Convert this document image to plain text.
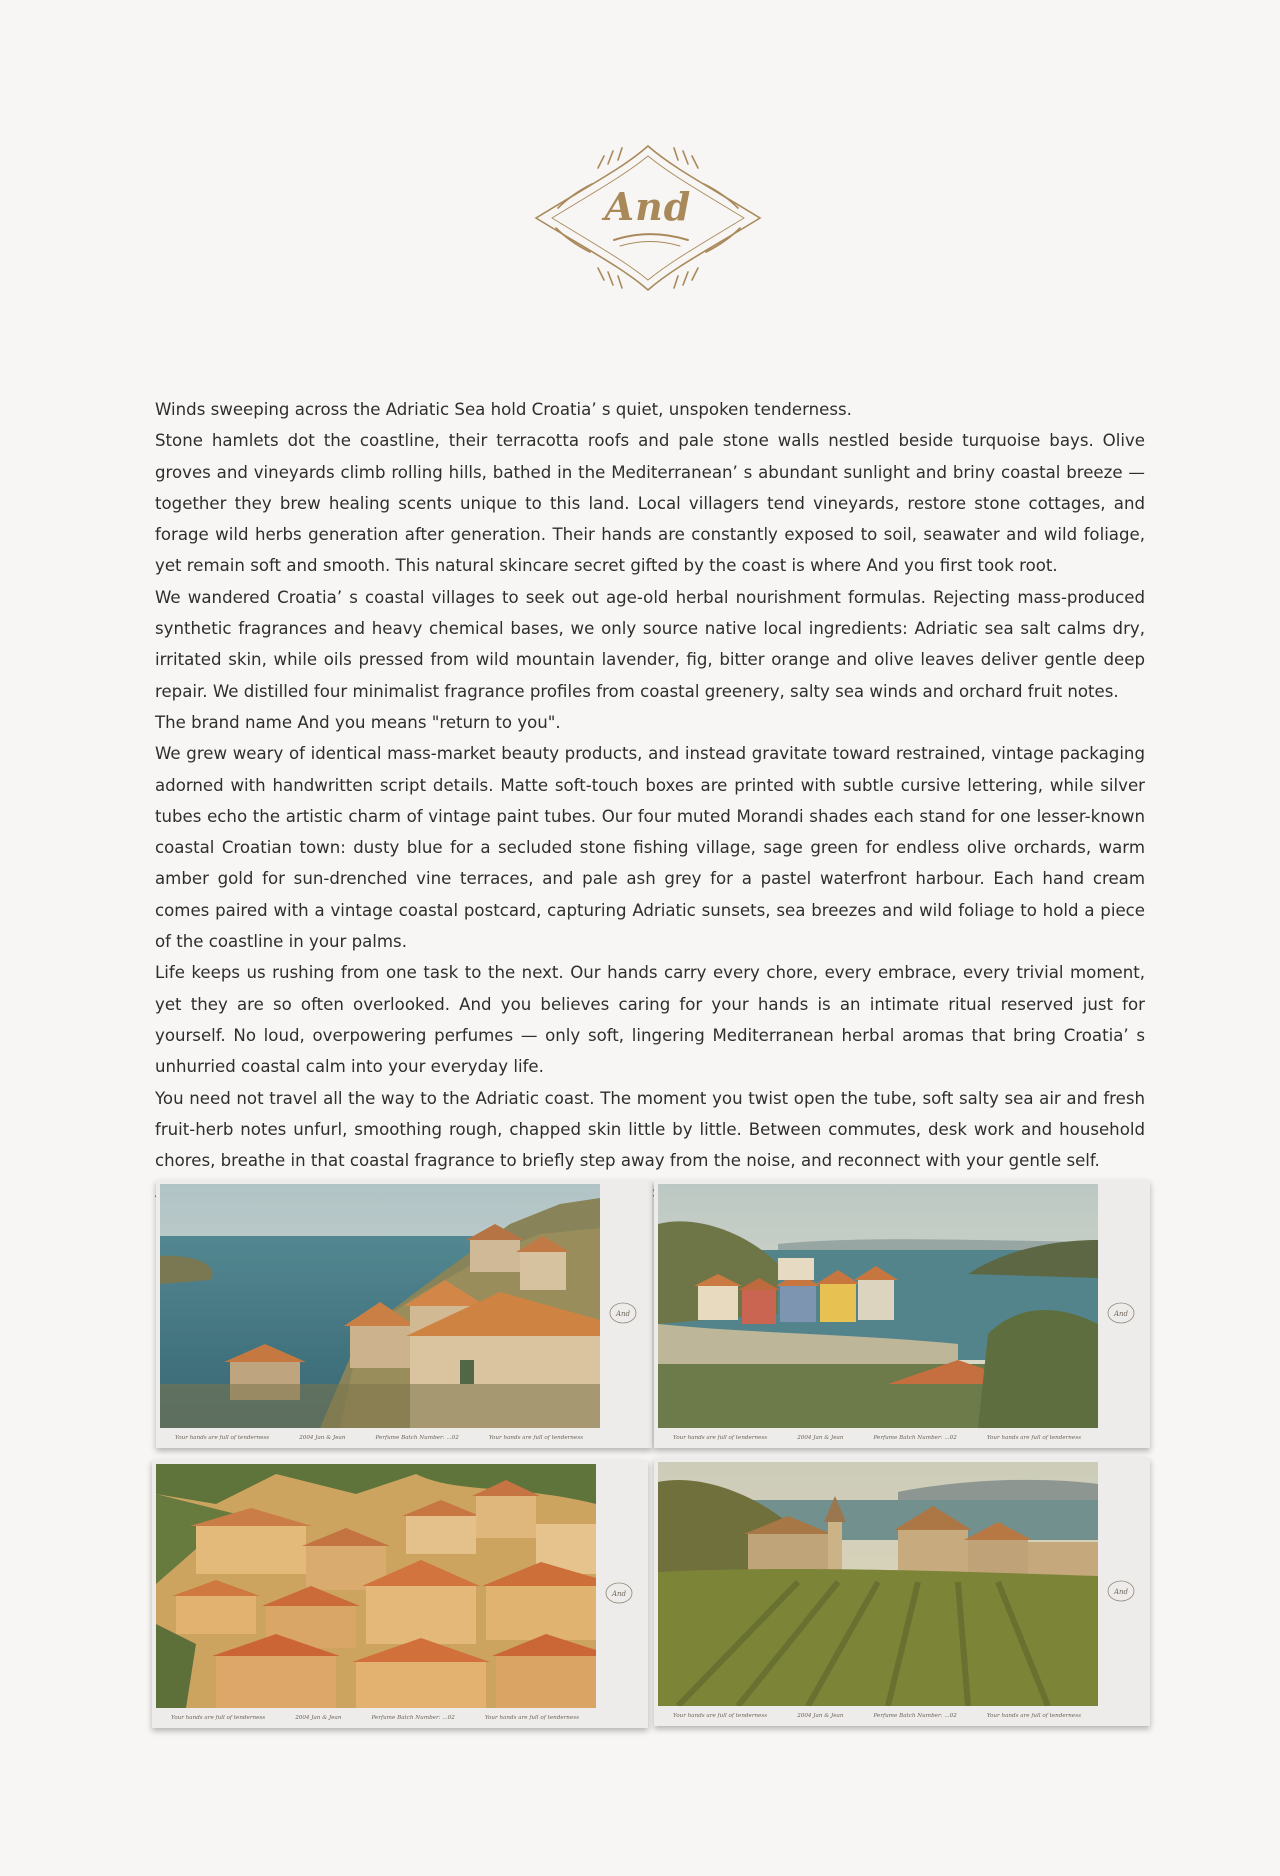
And

Winds sweeping across the Adriatic Sea hold Croatia’ s quiet, unspoken tenderness.

Stone hamlets dot the coastline, their terracotta roofs and pale stone walls nestled beside turquoise bays. Olive groves and vineyards climb rolling hills, bathed in the Mediterranean’ s abundant sunlight and briny coastal breeze — together they brew healing scents unique to this land. Local villagers tend vineyards, restore stone cottages, and forage wild herbs generation after generation. Their hands are constantly exposed to soil, seawater and wild foliage, yet remain soft and smooth. This natural skincare secret gifted by the coast is where And you first took root.

We wandered Croatia’ s coastal villages to seek out age-old herbal nourishment formulas. Rejecting mass-produced synthetic fragrances and heavy chemical bases, we only source native local ingredients: Adriatic sea salt calms dry, irritated skin, while oils pressed from wild mountain lavender, fig, bitter orange and olive leaves deliver gentle deep repair. We distilled four minimalist fragrance profiles from coastal greenery, salty sea winds and orchard fruit notes.

The brand name And you means "return to you".

We grew weary of identical mass-market beauty products, and instead gravitate toward restrained, vintage packaging adorned with handwritten script details. Matte soft-touch boxes are printed with subtle cursive lettering, while silver tubes echo the artistic charm of vintage paint tubes. Our four muted Morandi shades each stand for one lesser-known coastal Croatian town: dusty blue for a secluded stone fishing village, sage green for endless olive orchards, warm amber gold for sun-drenched vine terraces, and pale ash grey for a pastel waterfront harbour. Each hand cream comes paired with a vintage coastal postcard, capturing Adriatic sunsets, sea breezes and wild foliage to hold a piece of the coastline in your palms.

Life keeps us rushing from one task to the next. Our hands carry every chore, every embrace, every trivial moment, yet they are so often overlooked. And you believes caring for your hands is an intimate ritual reserved just for yourself. No loud, overpowering perfumes — only soft, lingering Mediterranean herbal aromas that bring Croatia’ s unhurried coastal calm into your everyday life.

You need not travel all the way to the Adriatic coast. The moment you twist open the tube, soft salty sea air and fresh fruit-herb notes unfurl, smoothing rough, chapped skin little by little. Between commutes, desk work and household chores, breathe in that coastal fragrance to briefly step away from the noise, and reconnect with your gentle self.

And
Your hands are full of tenderness	2004 Jan & Jean	Perfume Batch Number: ...02	Your hands are full of tenderness
And
Your hands are full of tenderness	2004 Jan & Jean	Perfume Batch Number: ...02	Your hands are full of tenderness
And
Your hands are full of tenderness	2004 Jan & Jean	Perfume Batch Number: ...02	Your hands are full of tenderness
And
Your hands are full of tenderness	2004 Jan & Jean	Perfume Batch Number: ...02	Your hands are full of tenderness
